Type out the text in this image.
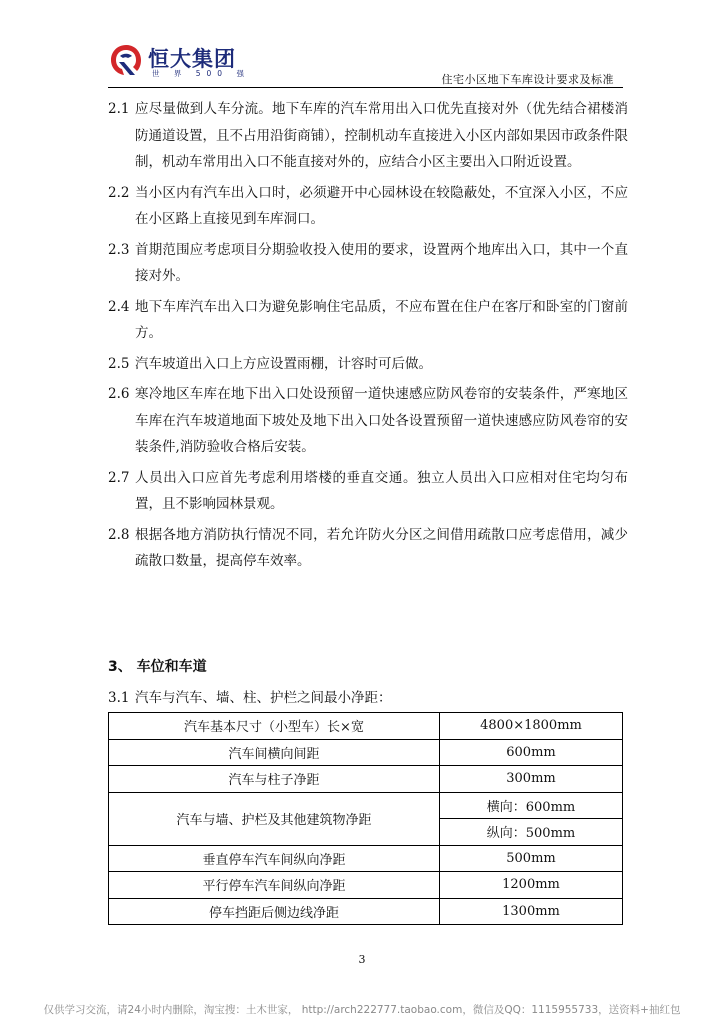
恒大集团
世 界 500 强	住宅小区地下车库设计要求及标准
2.1 应尽量做到人车分流。地下车库的汽车常用出入口优先直接对外（优先结合裙楼消防通道设置，且不占用沿街商铺），控制机动车直接进入小区内部如果因市政条件限制，机动车常用出入口不能直接对外的，应结合小区主要出入口附近设置。
2.2 当小区内有汽车出入口时，必须避开中心园林设在较隐蔽处，不宜深入小区，不应在小区路上直接见到车库洞口。
2.3 首期范围应考虑项目分期验收投入使用的要求，设置两个地库出入口，其中一个直接对外。
2.4 地下车库汽车出入口为避免影响住宅品质，不应布置在住户在客厅和卧室的门窗前方。
2.5 汽车坡道出入口上方应设置雨棚，计容时可后做。
2.6 寒冷地区车库在地下出入口处设预留一道快速感应防风卷帘的安装条件，严寒地区车库在汽车坡道地面下坡处及地下出入口处各设置预留一道快速感应防风卷帘的安装条件,消防验收合格后安装。
2.7 人员出入口应首先考虑利用塔楼的垂直交通。独立人员出入口应相对住宅均匀布置，且不影响园林景观。
2.8 根据各地方消防执行情况不同，若允许防火分区之间借用疏散口应考虑借用，减少疏散口数量，提高停车效率。
3、 车位和车道
3.1 汽车与汽车、墙、柱、护栏之间最小净距：
汽车基本尺寸（小型车）长×宽	4800×1800mm
汽车间横向间距	600mm
汽车与柱子净距	300mm
汽车与墙、护栏及其他建筑物净距	横向：600mm
	纵向：500mm
垂直停车汽车间纵向净距	500mm
平行停车汽车间纵向净距	1200mm
停车挡距后侧边线净距	1300mm
3
仅供学习交流，请24小时内删除，淘宝搜：土木世家， http://arch222777.taobao.com，微信及QQ：1115955733，送资料+抽红包
